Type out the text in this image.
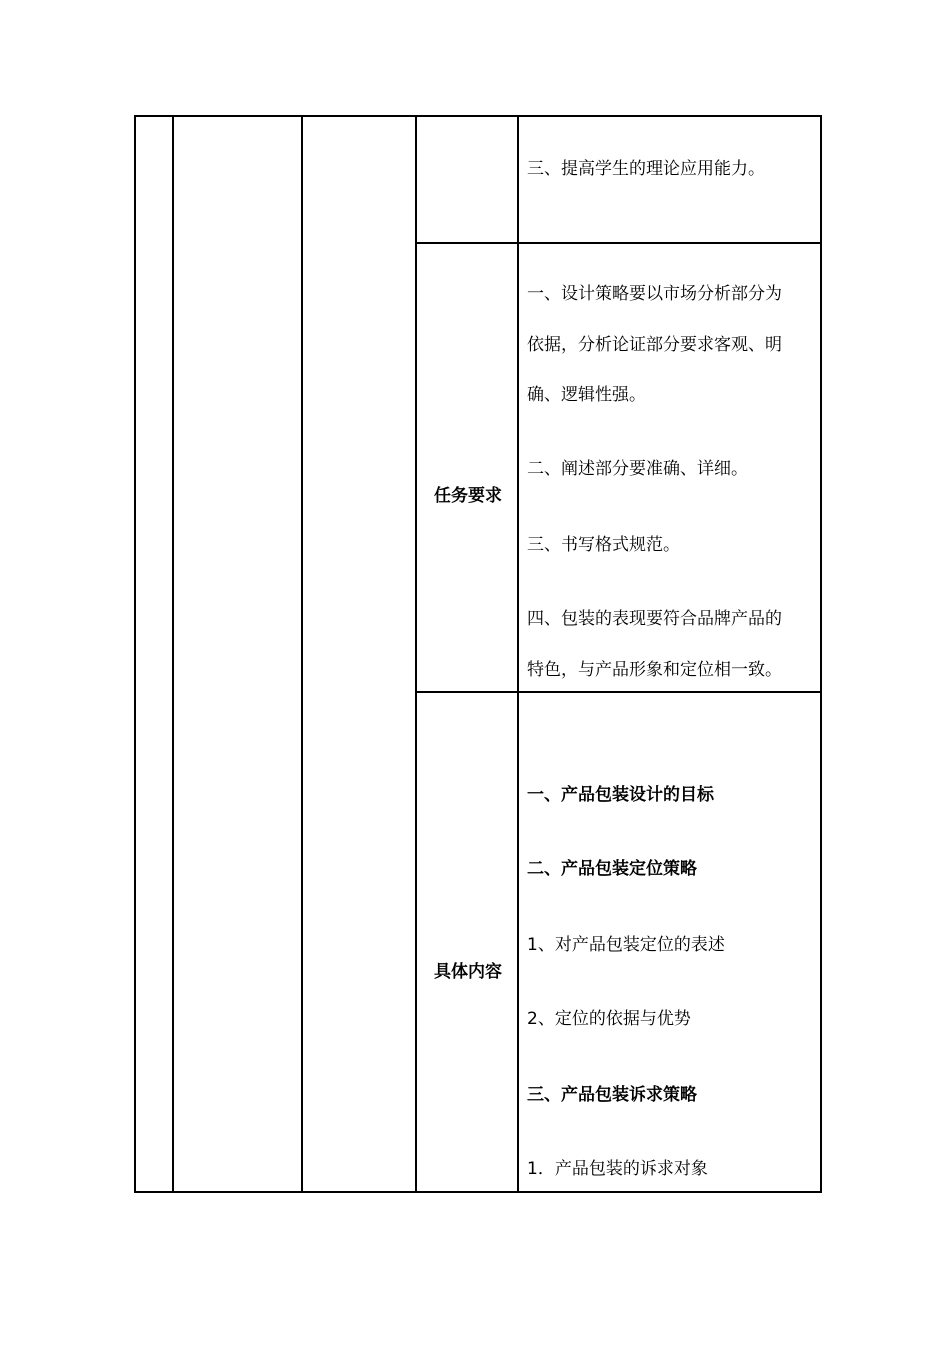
三、提高学生的理论应用能力。
任务要求
一、设计策略要以市场分析部分为
依据，分析论证部分要求客观、明
确、逻辑性强。
二、阐述部分要准确、详细。
三、书写格式规范。
四、包装的表现要符合品牌产品的
特色，与产品形象和定位相一致。
具体内容
一、产品包装设计的目标
二、产品包装定位策略
1、对产品包装定位的表述
2、定位的依据与优势
三、产品包装诉求策略
1．产品包装的诉求对象
